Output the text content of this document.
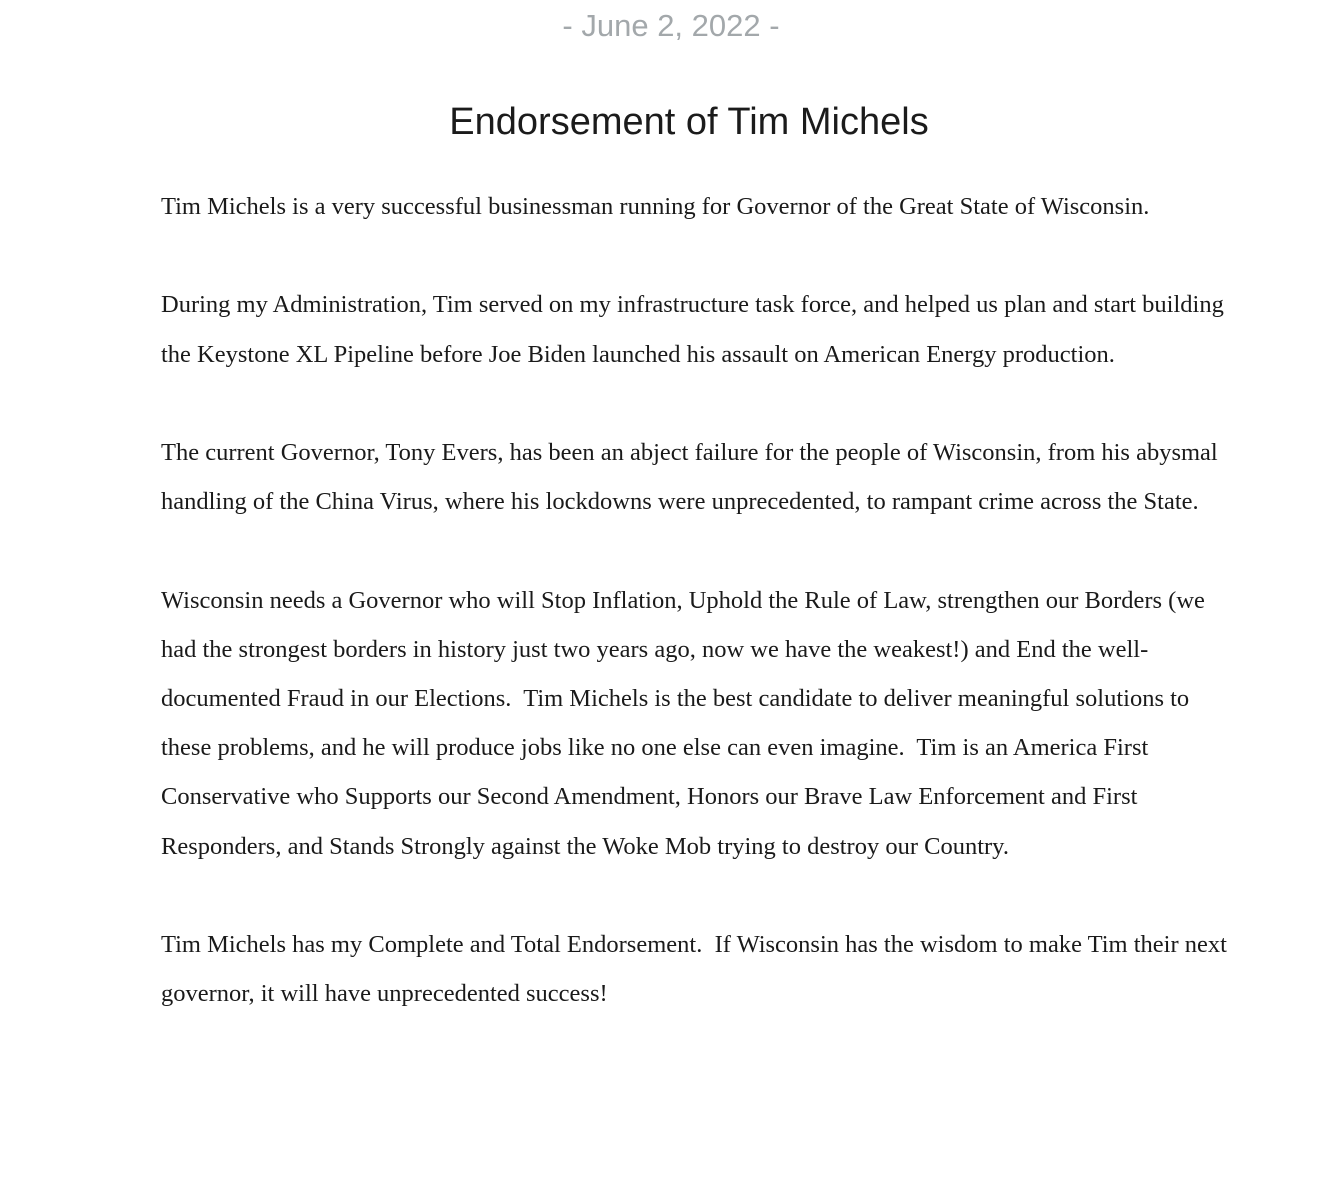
- June 2, 2022 -
Endorsement of Tim Michels

Tim Michels is a very successful businessman running for Governor of the Great State of Wisconsin.

During my Administration, Tim served on my infrastructure task force, and helped us plan and start building the Keystone XL Pipeline before Joe Biden launched his assault on American Energy production.

The current Governor, Tony Evers, has been an abject failure for the people of Wisconsin, from his abysmal handling of the China Virus, where his lockdowns were unprecedented, to rampant crime across the State.

Wisconsin needs a Governor who will Stop Inflation, Uphold the Rule of Law, strengthen our Borders (we had the strongest borders in history just two years ago, now we have the weakest!) and End the well-documented Fraud in our Elections.  Tim Michels is the best candidate to deliver meaningful solutions to these problems, and he will produce jobs like no one else can even imagine.  Tim is an America First Conservative who Supports our Second Amendment, Honors our Brave Law Enforcement and First Responders, and Stands Strongly against the Woke Mob trying to destroy our Country.

Tim Michels has my Complete and Total Endorsement.  If Wisconsin has the wisdom to make Tim their next governor, it will have unprecedented success!
